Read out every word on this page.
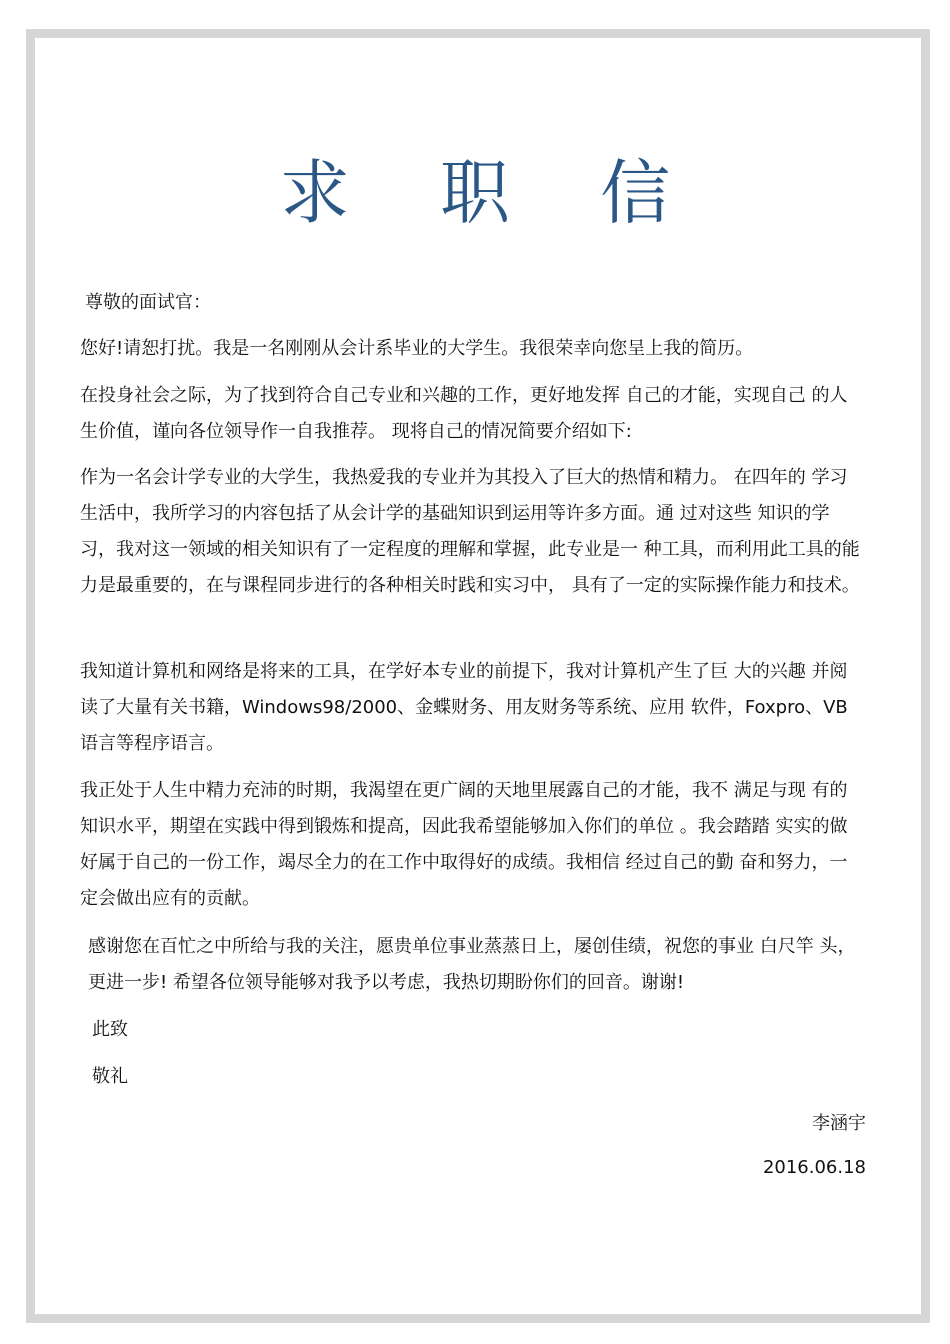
求 职 信
尊敬的面试官：

您好!请恕打扰。我是一名刚刚从会计系毕业的大学生。我很荣幸向您呈上我的简历。

在投身社会之际，为了找到符合自己专业和兴趣的工作，更好地发挥 自己的才能，实现自己 的人生价值，谨向各位领导作一自我推荐。 现将自己的情况简要介绍如下:

作为一名会计学专业的大学生，我热爱我的专业并为其投入了巨大的热情和精力。 在四年的 学习生活中，我所学习的内容包括了从会计学的基础知识到运用等许多方面。通 过对这些 知识的学习，我对这一领域的相关知识有了一定程度的理解和掌握，此专业是一 种工具，而利用此工具的能力是最重要的，在与课程同步进行的各种相关时践和实习中， 具有了一定的实际操作能力和技术。

我知道计算机和网络是将来的工具，在学好本专业的前提下，我对计算机产生了巨 大的兴趣 并阅读了大量有关书籍，Windows98/2000、金蝶财务、用友财务等系统、应用 软件，Foxpro、VB 语言等程序语言。

我正处于人生中精力充沛的时期，我渴望在更广阔的天地里展露自己的才能，我不 满足与现 有的知识水平，期望在实践中得到锻炼和提高，因此我希望能够加入你们的单位 。我会踏踏 实实的做好属于自己的一份工作，竭尽全力的在工作中取得好的成绩。我相信 经过自己的勤 奋和努力，一定会做出应有的贡献。

感谢您在百忙之中所给与我的关注，愿贵单位事业蒸蒸日上，屡创佳绩，祝您的事业 白尺竿 头，更进一步! 希望各位领导能够对我予以考虑，我热切期盼你们的回音。谢谢!

此致
敬礼
李涵宇
2016.06.18
